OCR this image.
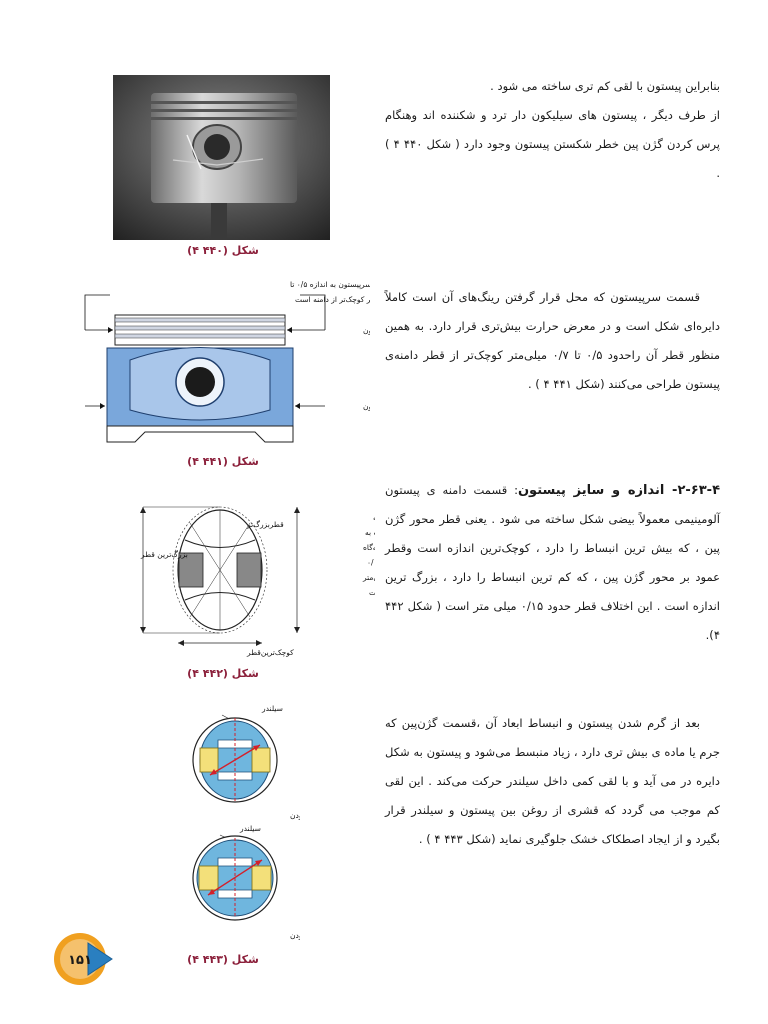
بنابراین پیستون با لقی کم تری ساخته می شود .

از طرف دیگر ، پیستون های سیلیکون دار ترد و شکننده اند وهنگام پرس کردن گژن پین خطر شکستن پیستون وجود دارد ( شکل ۴۴۰ ۴ ) .

قسمت سرپیستون که محل قرار گرفتن رینگ‌های آن است کاملاً دایره‌ای شکل است و در معرض حرارت بیش‌تری قرار دارد. به همین منظور قطر آن راحدود ۰/۵ تا ۰/۷ میلی‌متر کوچک‌تر از قطر دامنه‌ی پیستون طراحی می‌کنند (شکل ۴۴۱ ۴ ) .

۲-۶۳-۴- اندازه و سایز پیستون: قسمت دامنه ی پیستون آلومینیمی معمولاً بیضی شکل ساخته می شود . یعنی قطر محور گژن پین ، که بیش ترین انبساط را دارد ، کوچک‌ترین اندازه است وقطر عمود بر محور گژن پین ، که کم ترین انبساط را دارد ، بزرگ ترین اندازه است . این اختلاف قطر حدود ۰/۱۵ میلی متر است ( شکل ۴۴۲ ۴).

بعد از گرم شدن پیستون و انبساط ابعاد آن ،قسمت گژن‌پین که جرم یا ماده ی بیش تری دارد ، زیاد منبسط می‌شود و پیستون به شکل دایره در می آید و با لقی کمی داخل سیلندر حرکت می‌کند . این لقی کم موجب می گردد که قشری از روغن بین پیستون و سیلندر قرار بگیرد و از ایجاد اصطکاک خشک جلوگیری نماید (شکل ۴۴۳ ۴ ) .

شکل (۴۴۰ ۴)
سرپیستون به اندازه ۰/۵ تا
ر کوچک‌تر از دامنه است
ن
ن
شکل (۴۴۱ ۴)
بزرگ‌ترین قطر
قطربزرگ‌تر
کوچک‌ترین‌قطر
به
ه‌گاه
۰/
متر
ت
شکل (۴۴۲ ۴)
سیلندر
دن
سیلندر
دن
شکل (۴۴۳ ۴)
۱۵۱
